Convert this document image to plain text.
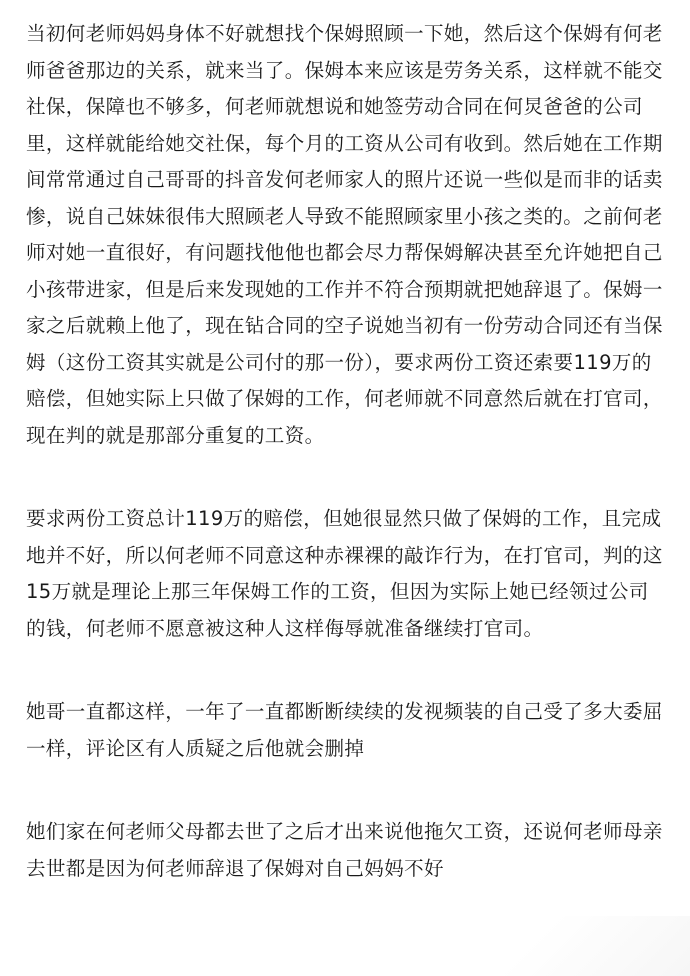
当初何老师妈妈身体不好就想找个保姆照顾一下她，然后这个保姆有何老师爸爸那边的关系，就来当了。保姆本来应该是劳务关系，这样就不能交社保，保障也不够多，何老师就想说和她签劳动合同在何炅爸爸的公司里，这样就能给她交社保，每个月的工资从公司有收到。然后她在工作期间常常通过自己哥哥的抖音发何老师家人的照片还说一些似是而非的话卖惨，说自己妹妹很伟大照顾老人导致不能照顾家里小孩之类的。之前何老师对她一直很好，有问题找他他也都会尽力帮保姆解决甚至允许她把自己小孩带进家，但是后来发现她的工作并不符合预期就把她辞退了。保姆一家之后就赖上他了，现在钻合同的空子说她当初有一份劳动合同还有当保姆（这份工资其实就是公司付的那一份），要求两份工资还索要119万的赔偿，但她实际上只做了保姆的工作，何老师就不同意然后就在打官司，现在判的就是那部分重复的工资。

要求两份工资总计119万的赔偿，但她很显然只做了保姆的工作，且完成地并不好，所以何老师不同意这种赤裸裸的敲诈行为，在打官司，判的这15万就是理论上那三年保姆工作的工资，但因为实际上她已经领过公司的钱，何老师不愿意被这种人这样侮辱就准备继续打官司。

她哥一直都这样，一年了一直都断断续续的发视频装的自己受了多大委屈一样，评论区有人质疑之后他就会删掉

她们家在何老师父母都去世了之后才出来说他拖欠工资，还说何老师母亲去世都是因为何老师辞退了保姆对自己妈妈不好
